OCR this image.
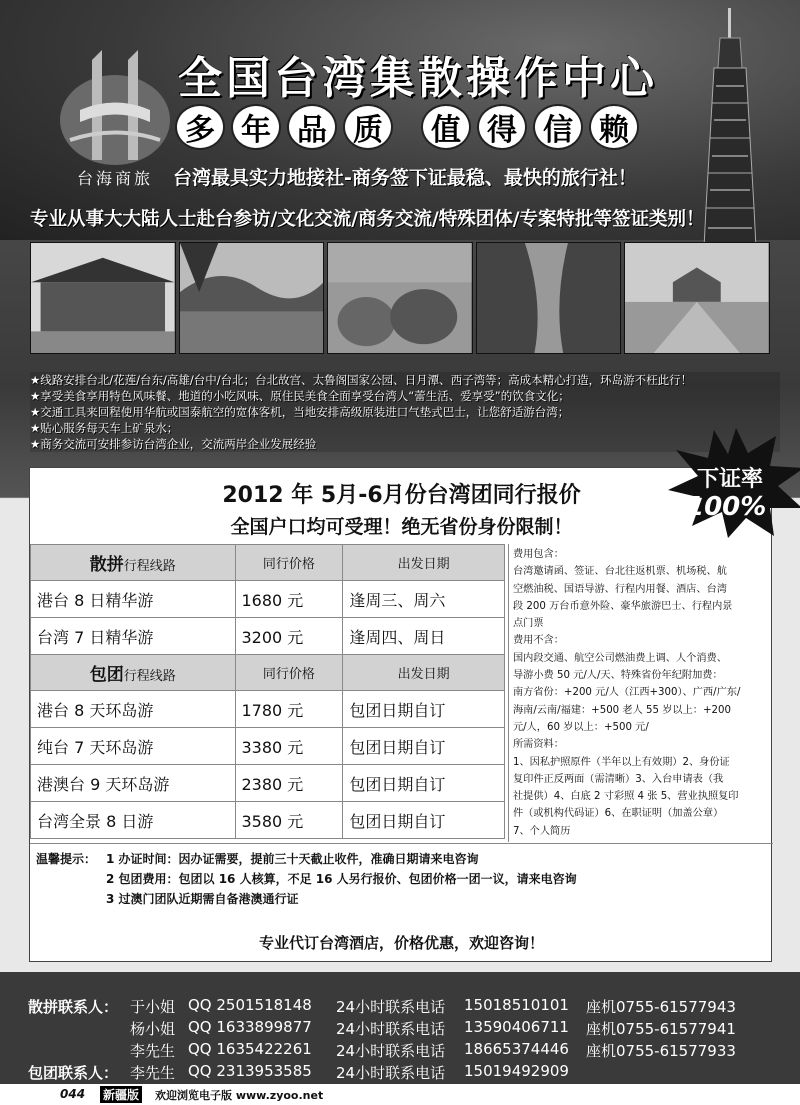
台海商旅
全国台湾集散操作中心
多 年 品 质	值 得 信 赖
台湾最具实力地接社-商务签下证最稳、最快的旅行社！
专业从事大大陆人士赴台参访/文化交流/商务交流/特殊团体/专案特批等签证类别！
★线路安排台北/花莲/台东/高雄/台中/台北；台北故宫、太鲁阁国家公园、日月潭、西子湾等；高成本精心打造，环岛游不枉此行！
★享受美食享用特色风味餐、地道的小吃风味、原住民美食全面享受台湾人“蕾生活、爱享受”的饮食文化；
★交通工具来回程使用华航或国泰航空的宽体客机，当地安排高级原装进口气垫式巴士，让您舒适游台湾；
★贴心服务每天车上矿泉水；
★商务交流可安排参访台湾企业，交流两岸企业发展经验
2012 年 5月-6月份台湾团同行报价
全国户口均可受理！绝无省份身份限制！
下证率
100%
散拼行程线路	同行价格	出发日期
港台 8 日精华游	1680 元	逢周三、周六
台湾 7 日精华游	3200 元	逢周四、周日
包团行程线路	同行价格	出发日期
港台 8 天环岛游	1780 元	包团日期自订
纯台 7 天环岛游	3380 元	包团日期自订
港澳台 9 天环岛游	2380 元	包团日期自订
台湾全景 8 日游	3580 元	包团日期自订
费用包含：
台湾邀请函、签证、台北往返机票、机场税、航
空燃油税、国语导游、行程内用餐、酒店、台湾
段 200 万台币意外险、豪华旅游巴士、行程内景
点门票
费用不含：
国内段交通、航空公司燃油费上调、人个消费、
导游小费 50 元/人/天、特殊省份年纪附加费：
南方省份：+200 元/人（江西+300）、广西/广东/
海南/云南/福建：+500 老人 55 岁以上：+200
元/人，60 岁以上：+500 元/
所需资料：
1、因私护照原件（半年以上有效期）2、身份证
复印件正反两面（需清晰）3、入台申请表（我
社提供）4、白底 2 寸彩照 4 张 5、营业执照复印
件（或机构代码证）6、在职证明（加盖公章）
7、个人简历
温馨提示： 1 办证时间：因办证需要，提前三十天截止收件，准确日期请来电咨询
2 包团费用：包团以 16 人核算，不足 16 人另行报价、包团价格一团一议，请来电咨询
3 过澳门团队近期需自备港澳通行证
专业代订台湾酒店，价格优惠，欢迎咨询！
散拼联系人： 于小姐 QQ 2501518148	24小时联系电话	15018510101	座机0755-61577943
杨小姐 QQ 1633899877	24小时联系电话	13590406711	座机0755-61577941
李先生 QQ 1635422261	24小时联系电话	18665374446	座机0755-61577933
包团联系人： 李先生 QQ 2313953585	24小时联系电话	15019492909
044 新疆版 欢迎浏览电子版 www.zyoo.net
